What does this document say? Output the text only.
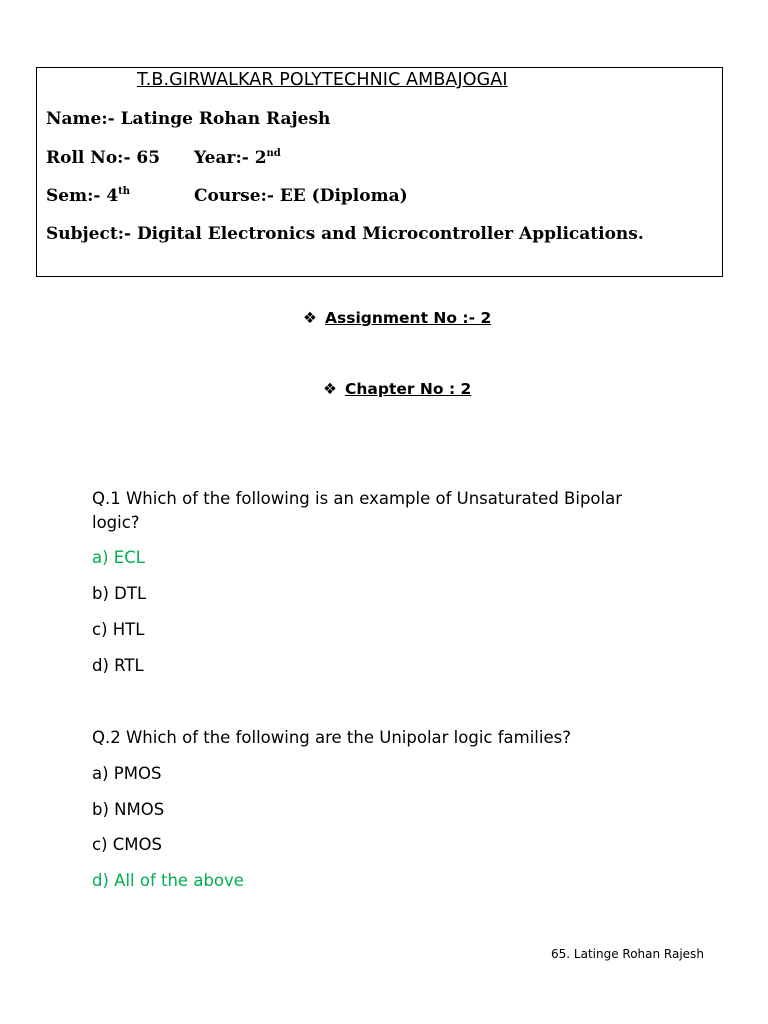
T.B.GIRWALKAR POLYTECHNIC AMBAJOGAI
Name:- Latinge Rohan Rajesh
Roll No:- 65 Year:- 2nd
Sem:- 4th	Course:- EE (Diploma)
Subject:- Digital Electronics and Microcontroller Applications.
❖ Assignment No :- 2
❖ Chapter No : 2
Q.1 Which of the following is an example of Unsaturated Bipolar logic?
a) ECL
b) DTL
c) HTL
d) RTL
Q.2 Which of the following are the Unipolar logic families?
a) PMOS
b) NMOS
c) CMOS
d) All of the above
65. Latinge Rohan Rajesh
